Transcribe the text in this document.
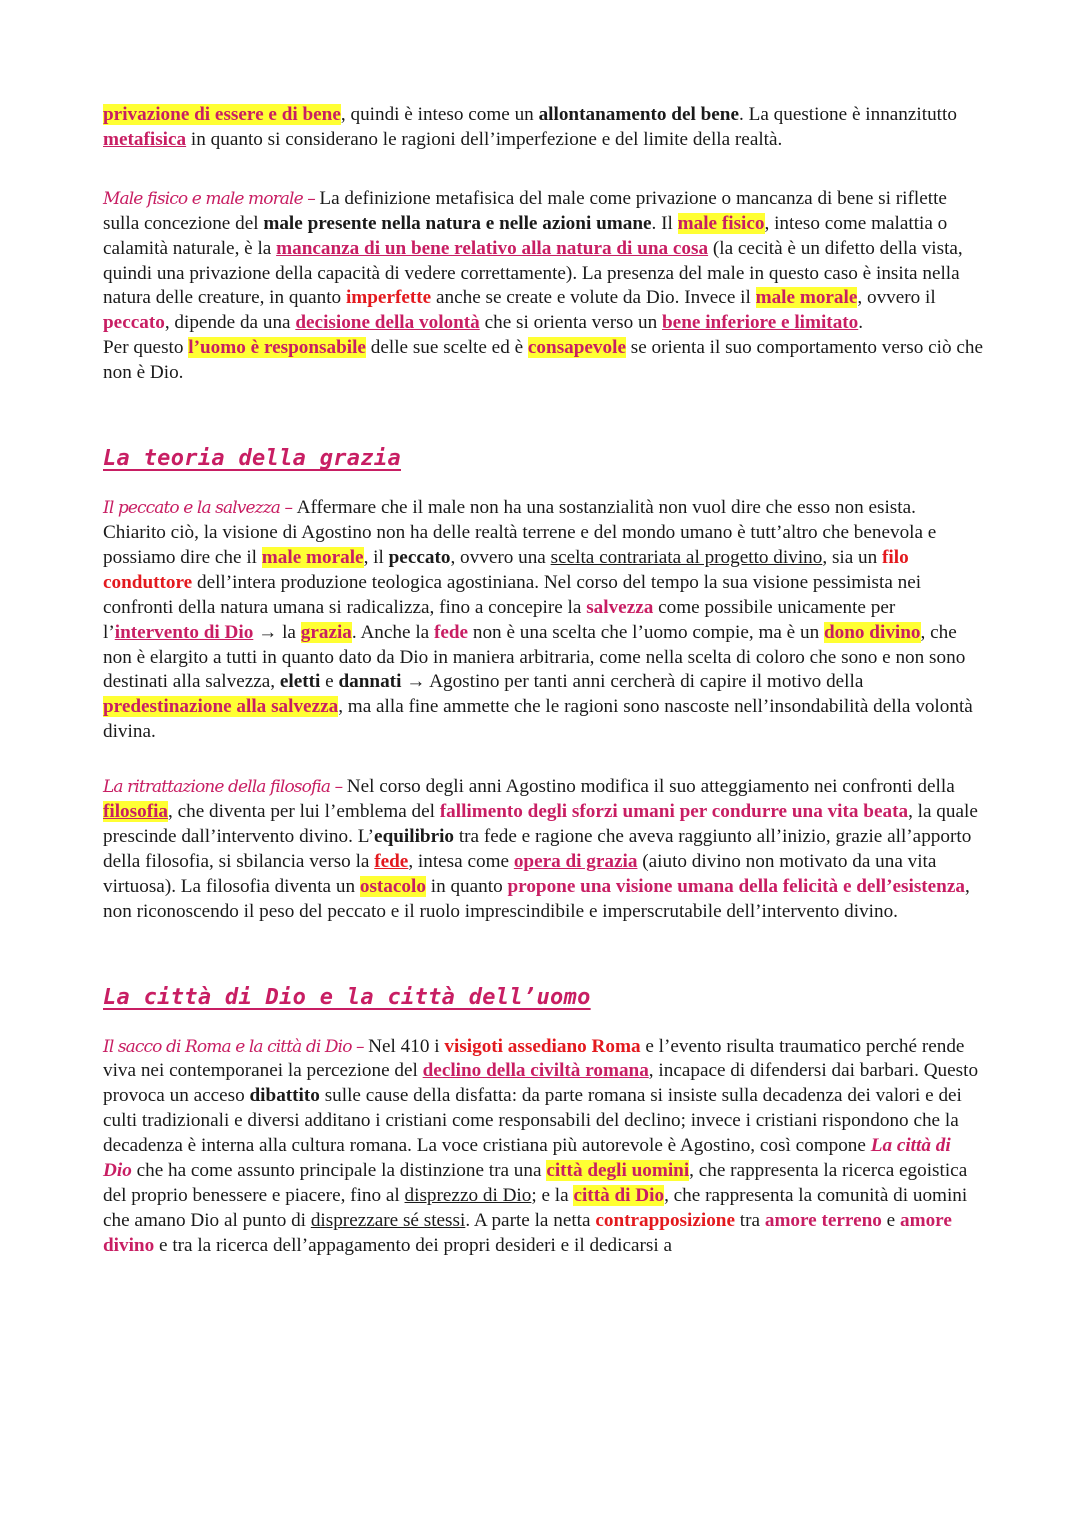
privazione di essere e di bene, quindi è inteso come un allontanamento del bene. La questione è innanzitutto metafisica in quanto si considerano le ragioni dell’imperfezione e del limite della realtà.

Male fisico e male morale – La definizione metafisica del male come privazione o mancanza di bene si riflette sulla concezione del male presente nella natura e nelle azioni umane. Il male fisico, inteso come malattia o calamità naturale, è la mancanza di un bene relativo alla natura di una cosa (la cecità è un difetto della vista, quindi una privazione della capacità di vedere correttamente). La presenza del male in questo caso è insita nella natura delle creature, in quanto imperfette anche se create e volute da Dio. Invece il male morale, ovvero il peccato, dipende da una decisione della volontà che si orienta verso un bene inferiore e limitato.

Per questo l’uomo è responsabile delle sue scelte ed è consapevole se orienta il suo comportamento verso ciò che non è Dio.

La teoria della grazia

Il peccato e la salvezza – Affermare che il male non ha una sostanzialità non vuol dire che esso non esista. Chiarito ciò, la visione di Agostino non ha delle realtà terrene e del mondo umano è tutt’altro che benevola e possiamo dire che il male morale, il peccato, ovvero una scelta contrariata al progetto divino, sia un filo conduttore dell’intera produzione teologica agostiniana. Nel corso del tempo la sua visione pessimista nei confronti della natura umana si radicalizza, fino a concepire la salvezza come possibile unicamente per l’intervento di Dio → la grazia. Anche la fede non è una scelta che l’uomo compie, ma è un dono divino, che non è elargito a tutti in quanto dato da Dio in maniera arbitraria, come nella scelta di coloro che sono e non sono destinati alla salvezza, eletti e dannati → Agostino per tanti anni cercherà di capire il motivo della predestinazione alla salvezza, ma alla fine ammette che le ragioni sono nascoste nell’insondabilità della volontà divina.

La ritrattazione della filosofia – Nel corso degli anni Agostino modifica il suo atteggiamento nei confronti della filosofia, che diventa per lui l’emblema del fallimento degli sforzi umani per condurre una vita beata, la quale prescinde dall’intervento divino. L’equilibrio tra fede e ragione che aveva raggiunto all’inizio, grazie all’apporto della filosofia, si sbilancia verso la fede, intesa come opera di grazia (aiuto divino non motivato da una vita virtuosa). La filosofia diventa un ostacolo in quanto propone una visione umana della felicità e dell’esistenza, non riconoscendo il peso del peccato e il ruolo imprescindibile e imperscrutabile dell’intervento divino.

La città di Dio e la città dell’uomo

Il sacco di Roma e la città di Dio – Nel 410 i visigoti assediano Roma e l’evento risulta traumatico perché rende viva nei contemporanei la percezione del declino della civiltà romana, incapace di difendersi dai barbari. Questo provoca un acceso dibattito sulle cause della disfatta: da parte romana si insiste sulla decadenza dei valori e dei culti tradizionali e diversi additano i cristiani come responsabili del declino; invece i cristiani rispondono che la decadenza è interna alla cultura romana. La voce cristiana più autorevole è Agostino, così compone La città di Dio che ha come assunto principale la distinzione tra una città degli uomini, che rappresenta la ricerca egoistica del proprio benessere e piacere, fino al disprezzo di Dio; e la città di Dio, che rappresenta la comunità di uomini che amano Dio al punto di disprezzare sé stessi. A parte la netta contrapposizione tra amore terreno e amore divino e tra la ricerca dell’appagamento dei propri desideri e il dedicarsi a
